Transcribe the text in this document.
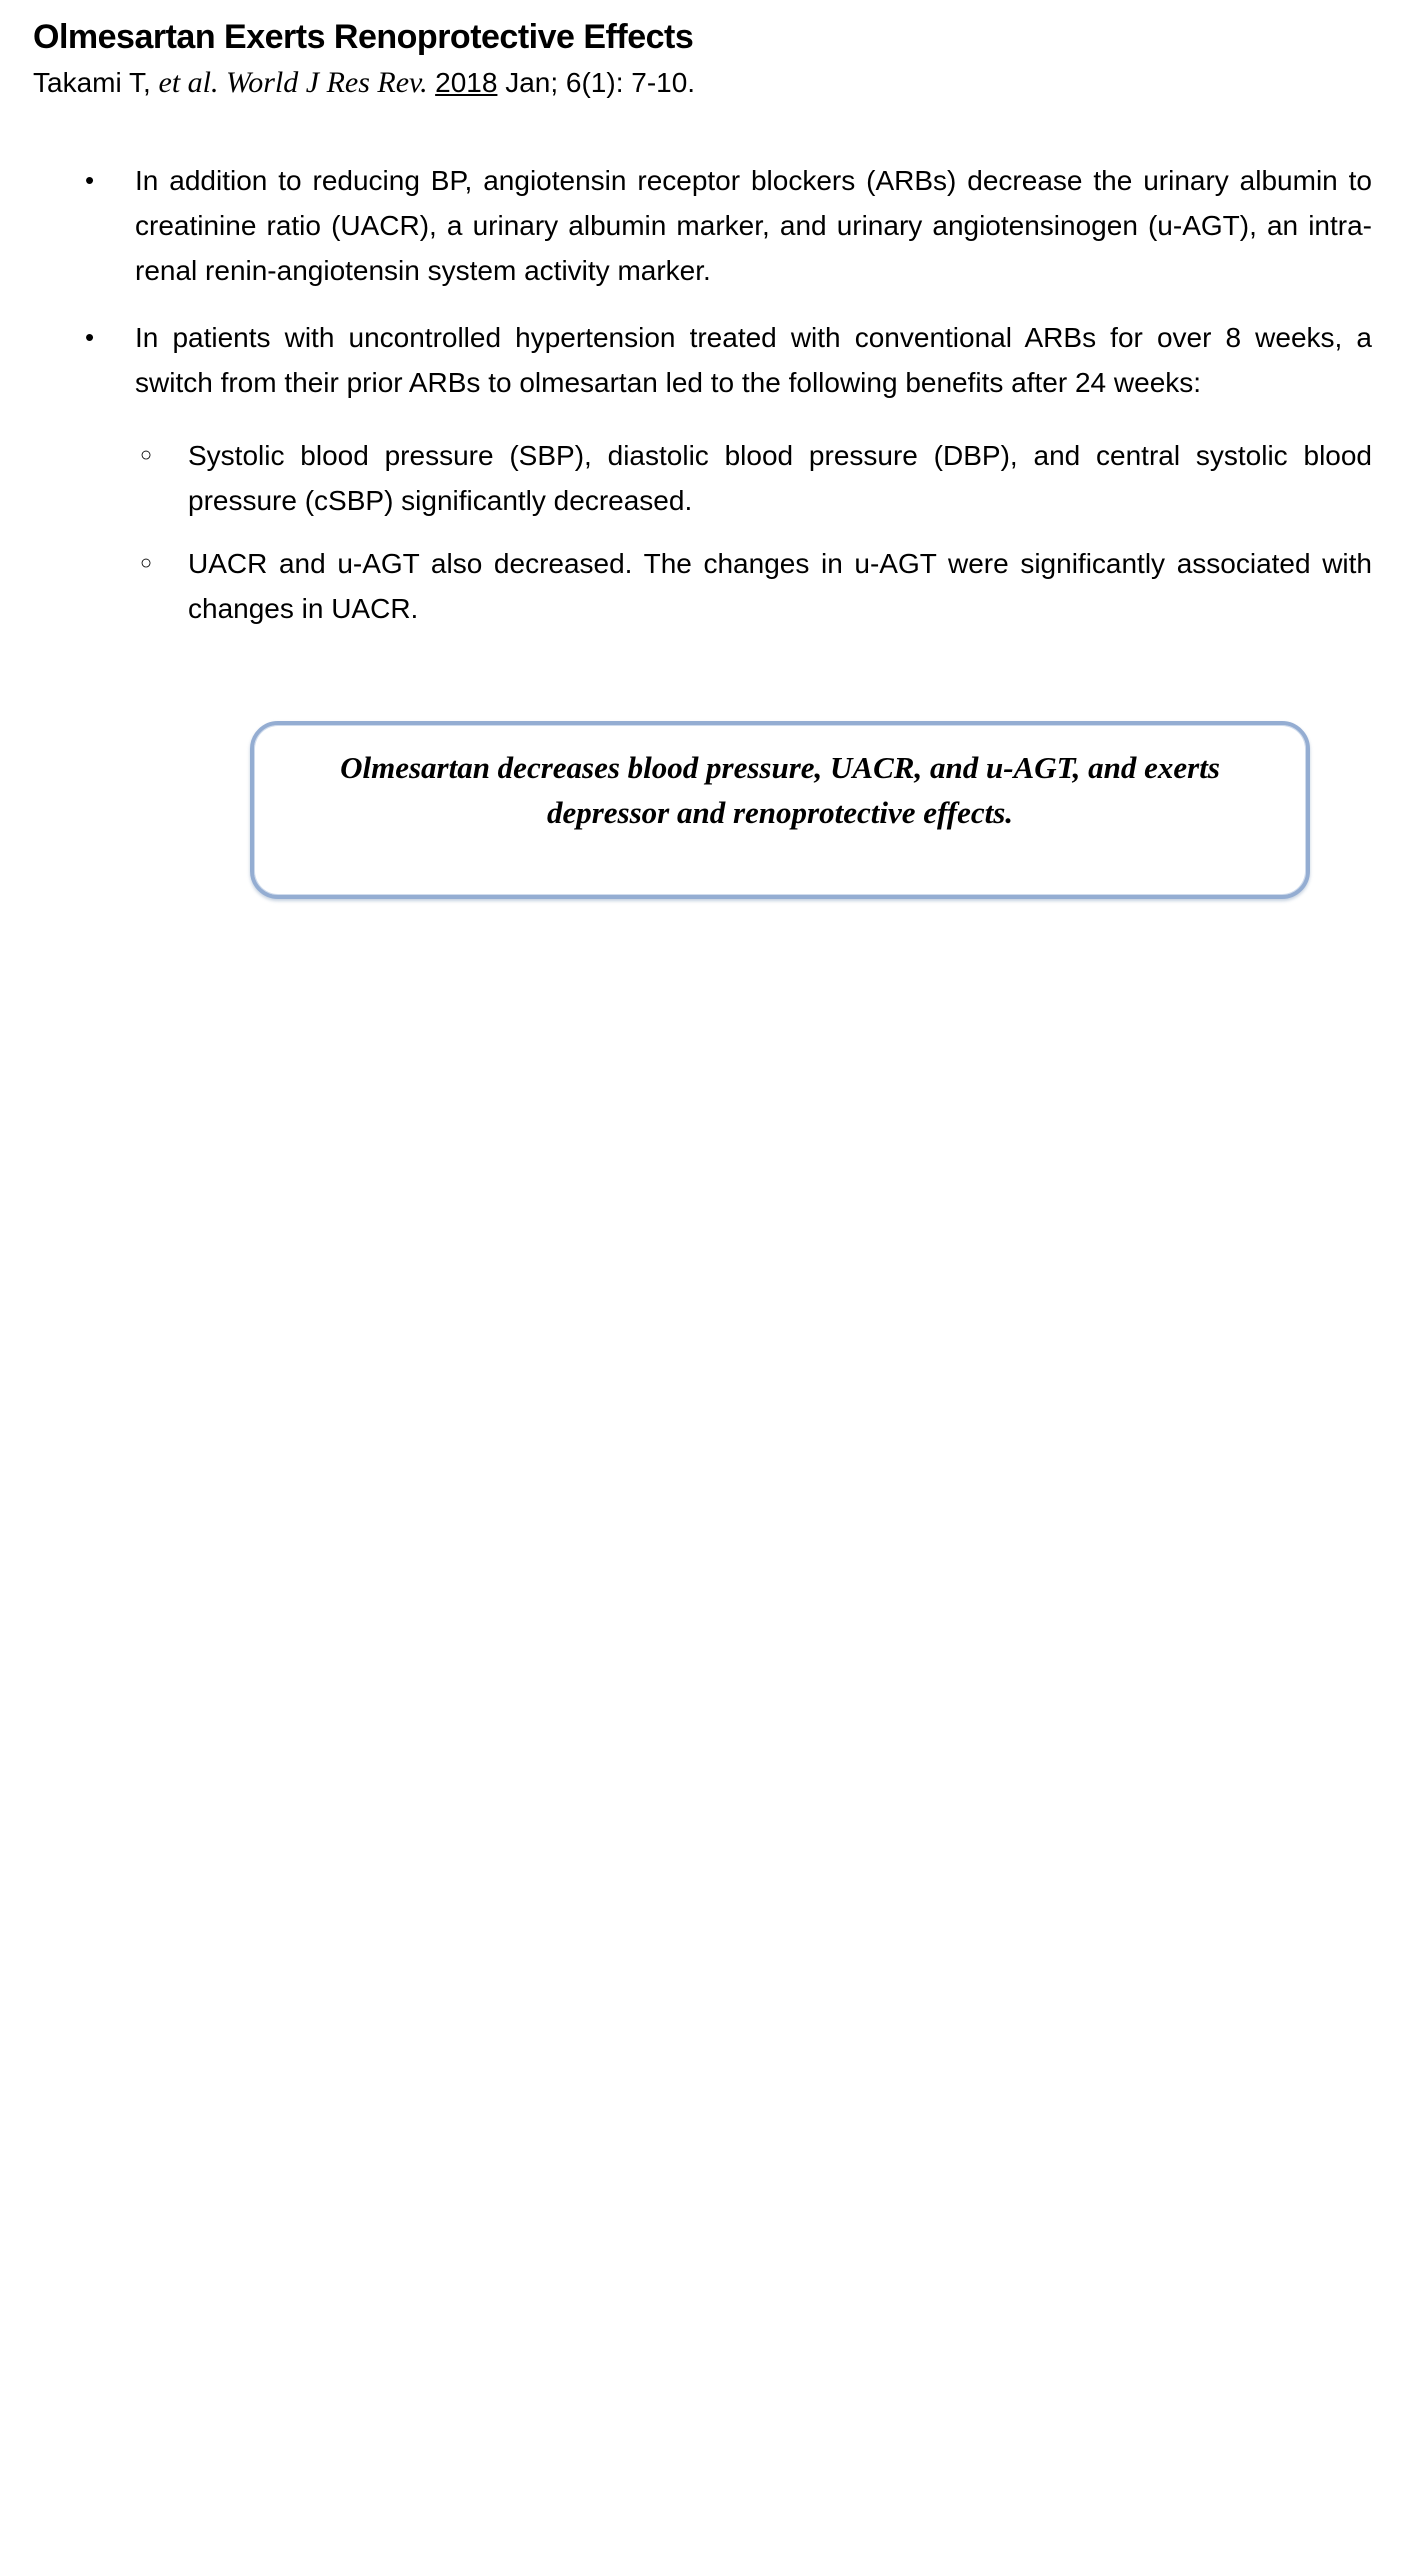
Olmesartan Exerts Renoprotective Effects

Takami T, et al. World J Res Rev. 2018 Jan; 6(1): 7-10.

•	In addition to reducing BP, angiotensin receptor blockers (ARBs) decrease the urinary albumin to creatinine ratio (UACR), a urinary albumin marker, and urinary angiotensinogen (u-AGT), an intra-renal renin-angiotensin system activity marker.

•	In patients with uncontrolled hypertension treated with conventional ARBs for over 8 weeks, a switch from their prior ARBs to olmesartan led to the following benefits after 24 weeks:

○	Systolic blood pressure (SBP), diastolic blood pressure (DBP), and central systolic blood pressure (cSBP) significantly decreased.

○	UACR and u-AGT also decreased. The changes in u-AGT were significantly associated with changes in UACR.

Olmesartan decreases blood pressure, UACR, and u-AGT, and exerts depressor and renoprotective effects.
